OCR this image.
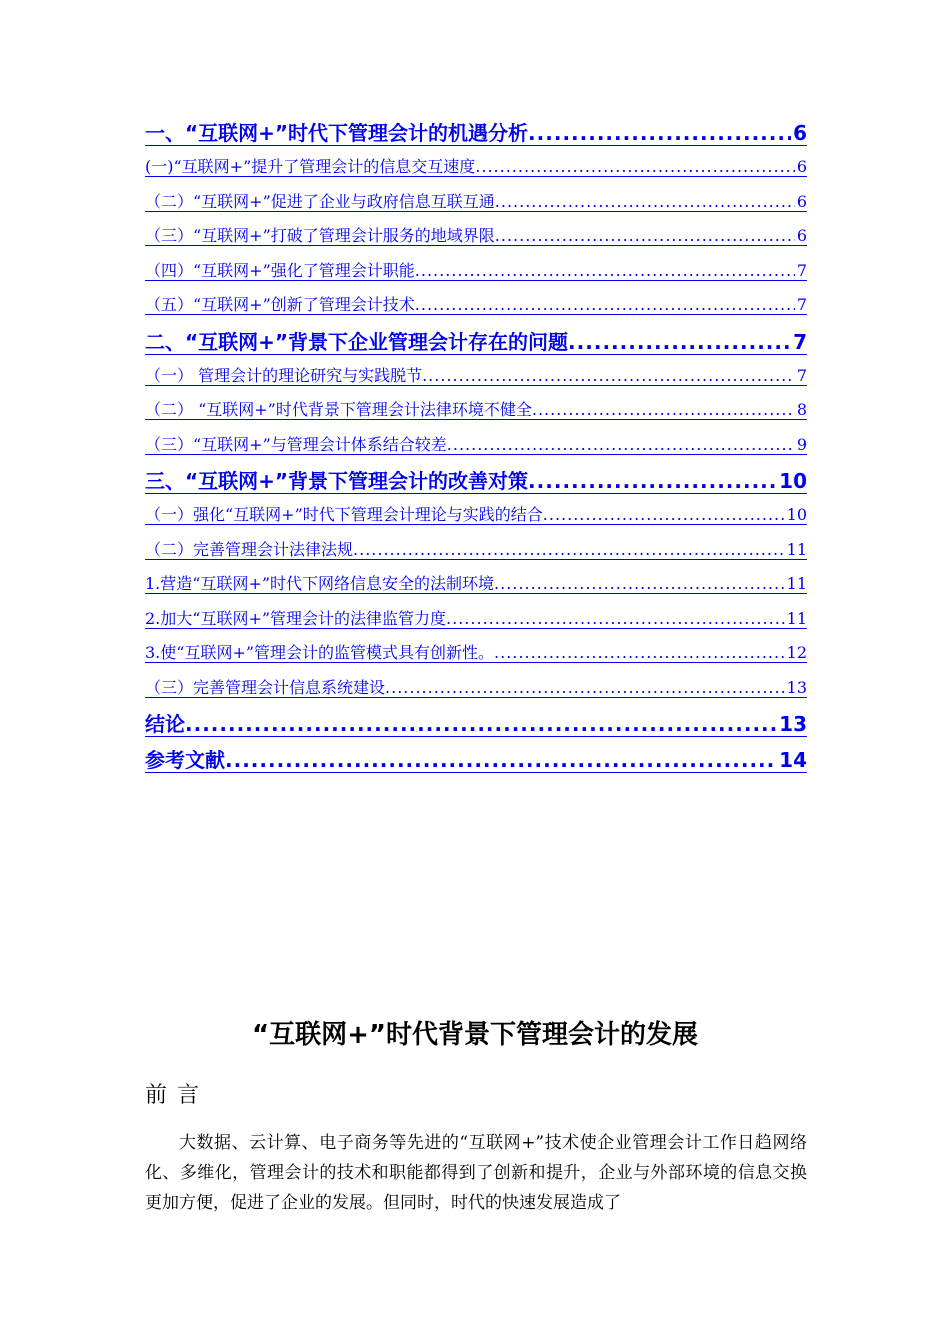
一、“互联网+”时代下管理会计的机遇分析 .....	6
(一)“互联网+”提升了管理会计的信息交互速度 .....	6
（二）“互联网+”促进了企业与政府信息互联互通 .....	6
（三）“互联网+”打破了管理会计服务的地域界限 .....	6
（四）“互联网+”强化了管理会计职能 .....	7
（五）“互联网+”创新了管理会计技术 .....	7
二、“互联网+”背景下企业管理会计存在的问题 .....	7
（一） 管理会计的理论研究与实践脱节 .....	7
（二） “互联网+”时代背景下管理会计法律环境不健全 .....	8
（三）“互联网+”与管理会计体系结合较差 .....	9
三、“互联网+”背景下管理会计的改善对策 .....	10
（一）强化“互联网+”时代下管理会计理论与实践的结合 .....	10
（二）完善管理会计法律法规 .....	11
1.营造“互联网+”时代下网络信息安全的法制环境 .....	11
2.加大“互联网+”管理会计的法律监管力度 .....	11
3.使“互联网+”管理会计的监管模式具有创新性。 .....	12
（三）完善管理会计信息系统建设 .....	13
结论 .....	13
参考文献 .....	14
“互联网+”时代背景下管理会计的发展
前言
大数据、云计算、电子商务等先进的“互联网+”技术使企业管理会计工作日趋网络化、多维化，管理会计的技术和职能都得到了创新和提升，企业与外部环境的信息交换更加方便，促进了企业的发展。但同时，时代的快速发展造成了
